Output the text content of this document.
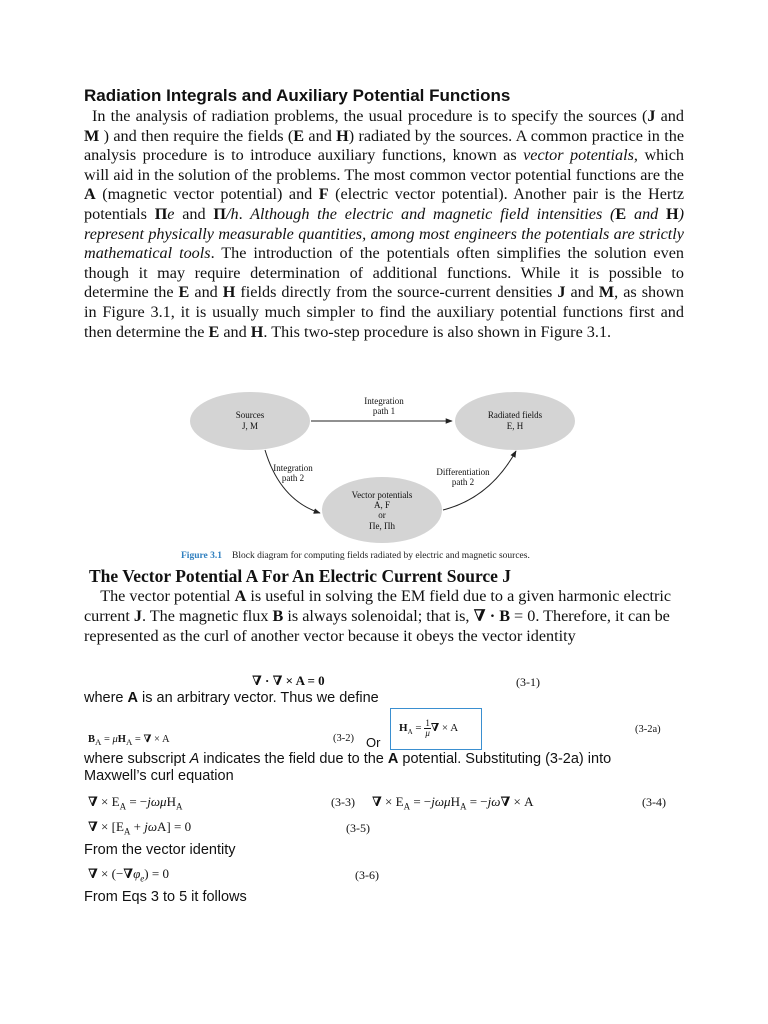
Radiation Integrals and Auxiliary Potential Functions

In the analysis of radiation problems, the usual procedure is to specify the sources (J and M ) and then require the fields (E and H) radiated by the sources. A common practice in the analysis procedure is to introduce auxiliary functions, known as vector potentials, which will aid in the solution of the problems. The most common vector potential functions are the A (magnetic vector potential) and F (electric vector potential). Another pair is the Hertz potentials Πe and Π/h. Although the electric and magnetic field intensities (E and H) represent physically measurable quantities, among most engineers the potentials are strictly mathematical tools. The introduction of the potentials often simplifies the solution even though it may require determination of additional functions. While it is possible to determine the E and H fields directly from the source-current densities J and M, as shown in Figure 3.1, it is usually much simpler to find the auxiliary potential functions first and then determine the E and H. This two-step procedure is also shown in Figure 3.1.

Sources
J, M
Radiated fields
E, H
Vector potentials
A, F
or
Πe, Πh
Integration
path 1
Integration
path 2
Differentiation
path 2
Figure 3.1 Block diagram for computing fields radiated by electric and magnetic sources.
The Vector Potential A For An Electric Current Source J

The vector potential A is useful in solving the EM field due to a given harmonic electric current J. The magnetic flux B is always solenoidal; that is, ∇ · B = 0. Therefore, it can be represented as the curl of another vector because it obeys the vector identity

∇ · ∇ × A = 0	(3-1)
where A is an arbitrary vector. Thus we define
$B_A = \mu H_A$ = ∇ × A	(3-2) Or
$H_A = \frac{1}{\mu}$ ∇ × A	(3-2a)
where subscript A indicates the field due to the A potential. Substituting (3-2a) into
Maxwell’s curl equation
∇ × $E_A = -j\omega\mu H_A$	(3-3) ∇ × $E_A = -j\omega\mu H_A = -j\omega\nabla \times A$	(3-4)
∇ × $[E_A + j\omega A] = 0$	(3-5)
From the vector identity
∇ × $(-\nabla\varphi_e) = 0$	(3-6)
From Eqs 3 to 5 it follows
